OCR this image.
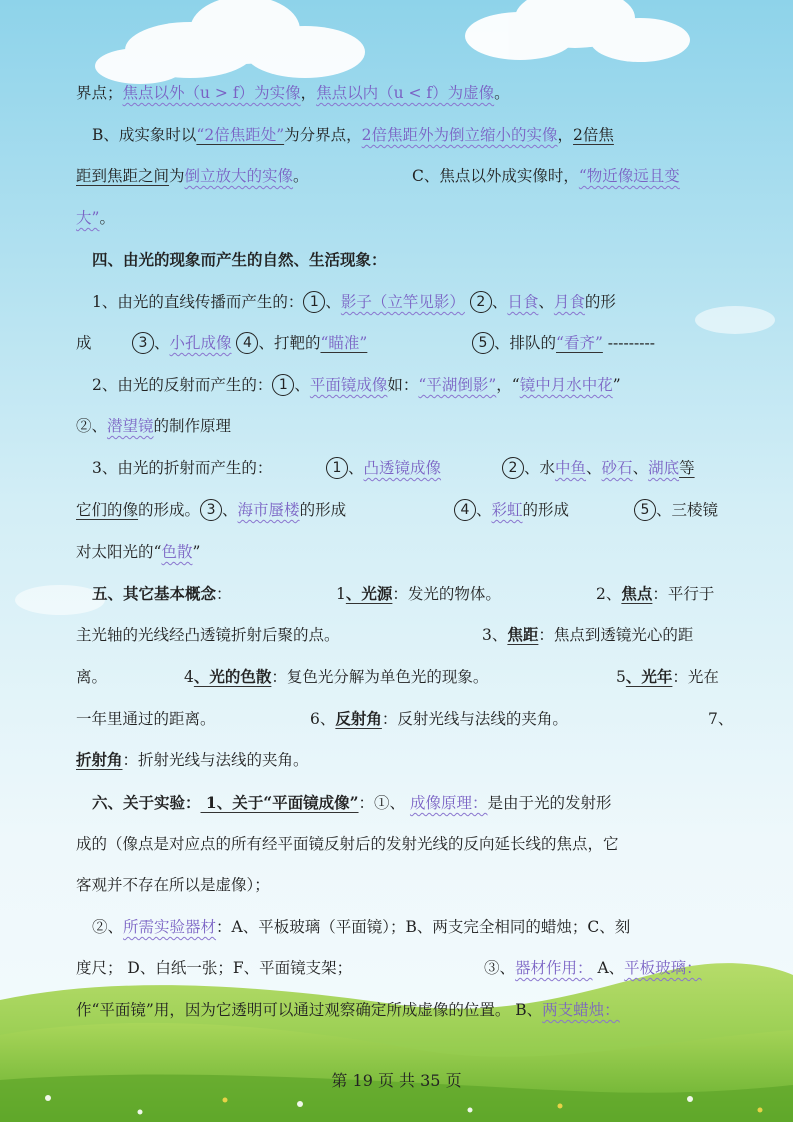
界点；焦点以外（u > f）为实像，焦点以内（u < f）为虚像。
B、成实象时以“2倍焦距处”为分界点，2倍焦距外为倒立缩小的实像，2倍焦
距到焦距之间为倒立放大的实像。	C、焦点以外成实像时，“物近像远且变
大”。
四、由光的现象而产生的自然、生活现象：
1、由光的直线传播而产生的： 1 、影子（立竿见影） 2 、日食、月食的形
成	3 、小孔成像 4 、打靶的“瞄准”	5 、排队的“看齐” ---------
2、由光的反射而产生的： 1 、平面镜成像如：“平湖倒影”，“镜中月水中花”
②、潜望镜的制作原理
3、由光的折射而产生的：	1 、凸透镜成像	2 、水中鱼、砂石、湖底等
它们的像的形成。 3 、海市蜃楼的形成	4 、彩虹的形成	5 、三棱镜
对太阳光的“色散”
五、其它基本概念：	1、光源：发光的物体。	2、焦点：平行于
主光轴的光线经凸透镜折射后聚的点。	3、焦距：焦点到透镜光心的距
离。	4、光的色散：复色光分解为单色光的现象。	5、光年：光在
一年里通过的距离。	6、反射角：反射光线与法线的夹角。	7、
折射角：折射光线与法线的夹角。
六、关于实验： 1、关于“平面镜成像”：①、 成像原理：是由于光的发射形
成的（像点是对应点的所有经平面镜反射后的发射光线的反向延长线的焦点，它
客观并不存在所以是虚像）；
②、所需实验器材：A、平板玻璃（平面镜）；B、两支完全相同的蜡烛；C、刻
度尺； D、白纸一张；F、平面镜支架；	③、器材作用： A、平板玻璃：
作“平面镜”用，因为它透明可以通过观察确定所成虚像的位置。 B、两支蜡烛：
第 19 页 共 35 页
